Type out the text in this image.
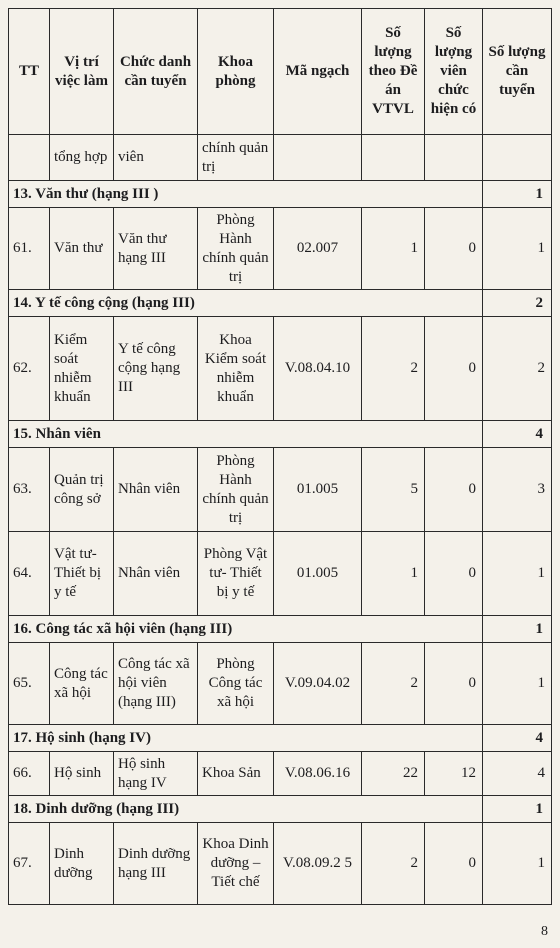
TT	Vị trí việc làm	Chức danh cần tuyển	Khoa phòng	Mã ngạch	Số lượng theo Đề án VTVL	Số lượng viên chức hiện có	Số lượng cần tuyển
	tổng hợp	viên	chính quản trị				
13. Văn thư (hạng III )							1
61.	Văn thư	Văn thư hạng III	Phòng Hành chính quản trị	02.007	1	0	1
14. Y tế công cộng (hạng III)							2
62.	Kiểm soát nhiễm khuẩn	Y tế công cộng hạng III	Khoa Kiểm soát nhiễm khuẩn	V.08.04.10	2	0	2
15. Nhân viên							4
63.	Quản trị công sở	Nhân viên	Phòng Hành chính quản trị	01.005	5	0	3
64.	Vật tư- Thiết bị y tế	Nhân viên	Phòng Vật tư- Thiết bị y tế	01.005	1	0	1
16. Công tác xã hội viên (hạng III)							1
65.	Công tác xã hội	Công tác xã hội viên (hạng III)	Phòng Công tác xã hội	V.09.04.02	2	0	1
17. Hộ sinh (hạng IV)							4
66.	Hộ sinh	Hộ sinh hạng IV	Khoa Sản	V.08.06.16	22	12	4
18. Dinh dưỡng (hạng III)							1
67.	Dinh dưỡng	Dinh dưỡng hạng III	Khoa Dinh dưỡng – Tiết chế	V.08.09.2 5	2	0	1
8
